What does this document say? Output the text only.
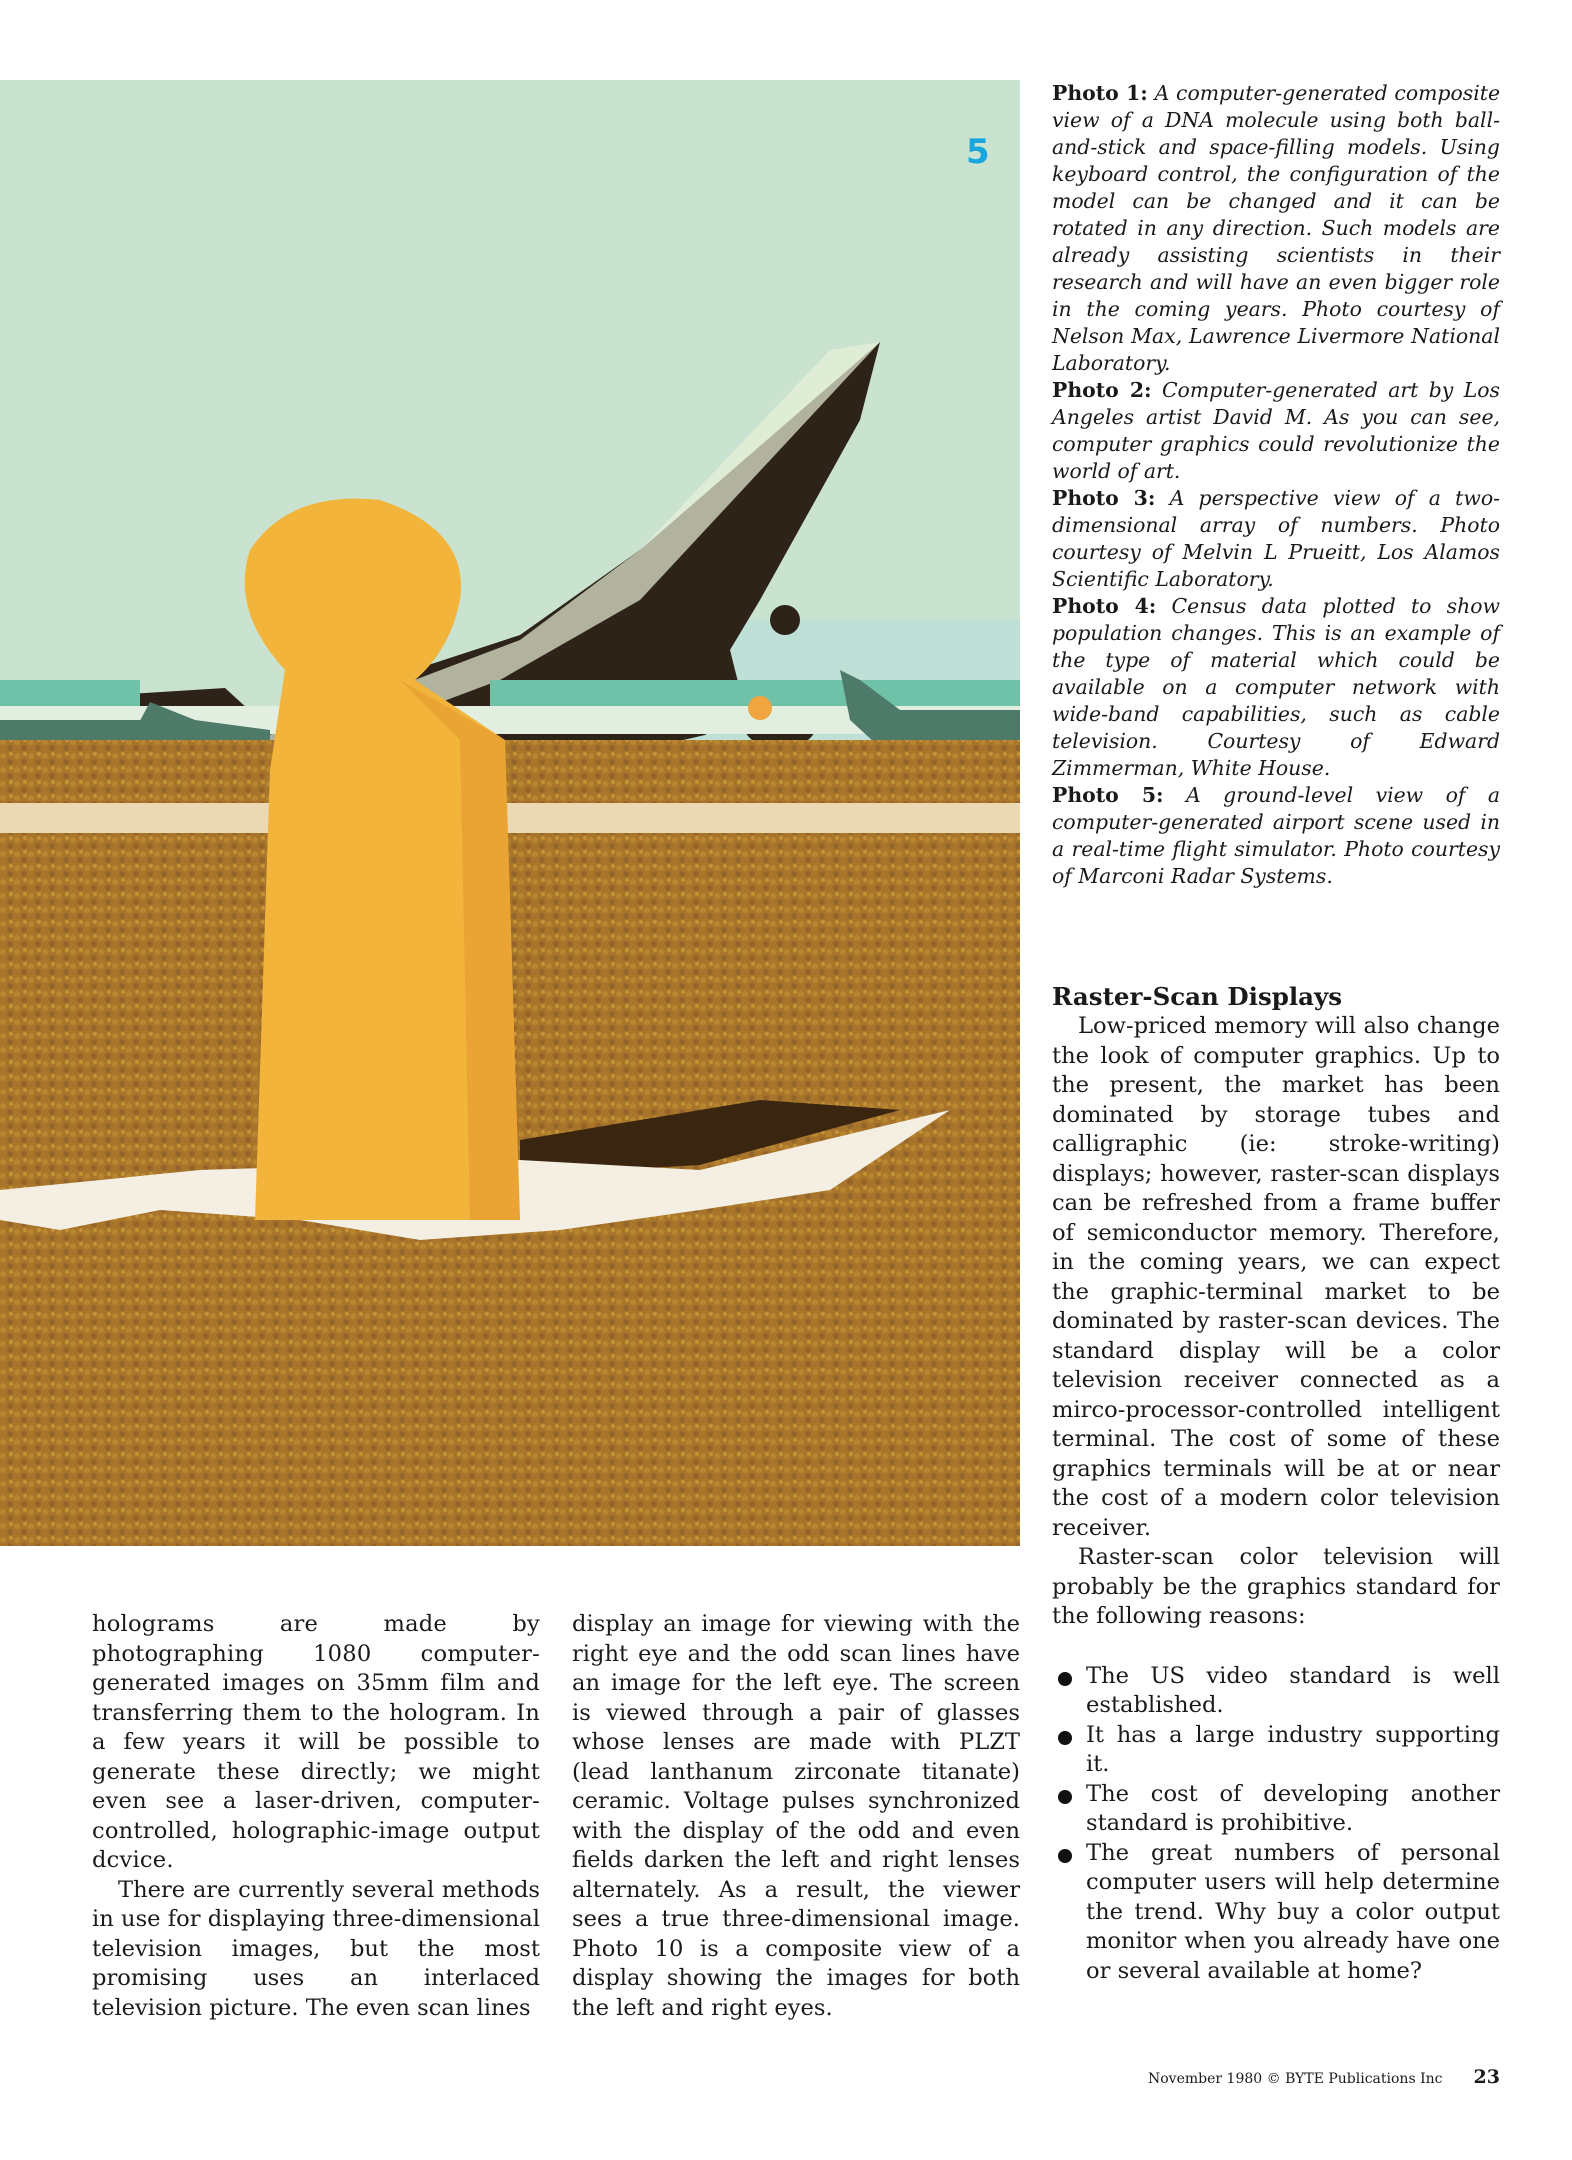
5

Photo 1: A computer-generated composite view of a DNA molecule using both ball-and-stick and space-filling models. Using keyboard control, the configuration of the model can be changed and it can be rotated in any direction. Such models are already assisting scientists in their research and will have an even bigger role in the coming years. Photo courtesy of Nelson Max, Lawrence Livermore National Laboratory.

Photo 2: Computer-generated art by Los Angeles artist David M. As you can see, computer graphics could revolutionize the world of art.

Photo 3: A perspective view of a two-dimensional array of numbers. Photo courtesy of Melvin L Prueitt, Los Alamos Scientific Laboratory.

Photo 4: Census data plotted to show population changes. This is an example of the type of material which could be available on a computer network with wide-band capabilities, such as cable television. Courtesy of Edward Zimmerman, White House.

Photo 5: A ground-level view of a computer-generated airport scene used in a real-time flight simulator. Photo courtesy of Marconi Radar Systems.

Raster-Scan Displays

Low-priced memory will also change the look of computer graphics. Up to the present, the market has been dominated by storage tubes and calligraphic (ie: stroke-writing) displays; however, raster-scan displays can be refreshed from a frame buffer of semiconductor memory. Therefore, in the coming years, we can expect the graphic-terminal market to be dominated by raster-scan devices. The standard display will be a color television receiver connected as a mirco-processor-controlled intelligent terminal. The cost of some of these graphics terminals will be at or near the cost of a modern color television receiver.

Raster-scan color television will probably be the graphics standard for the following reasons:

The US video standard is well established.
It has a large industry supporting it.
The cost of developing another standard is prohibitive.
The great numbers of personal computer users will help determine the trend. Why buy a color output monitor when you already have one or several available at home?

holograms are made by photographing 1080 computer-generated images on 35mm film and transferring them to the hologram. In a few years it will be possible to generate these directly; we might even see a laser-driven, computer-controlled, holographic-image output dcvice.

There are currently several methods in use for displaying three-dimensional television images, but the most promising uses an interlaced television picture. The even scan lines

display an image for viewing with the right eye and the odd scan lines have an image for the left eye. The screen is viewed through a pair of glasses whose lenses are made with PLZT (lead lanthanum zirconate titanate) ceramic. Voltage pulses synchronized with the display of the odd and even fields darken the left and right lenses alternately. As a result, the viewer sees a true three-dimensional image. Photo 10 is a composite view of a display showing the images for both the left and right eyes.

November 1980 © BYTE Publications Inc	23
